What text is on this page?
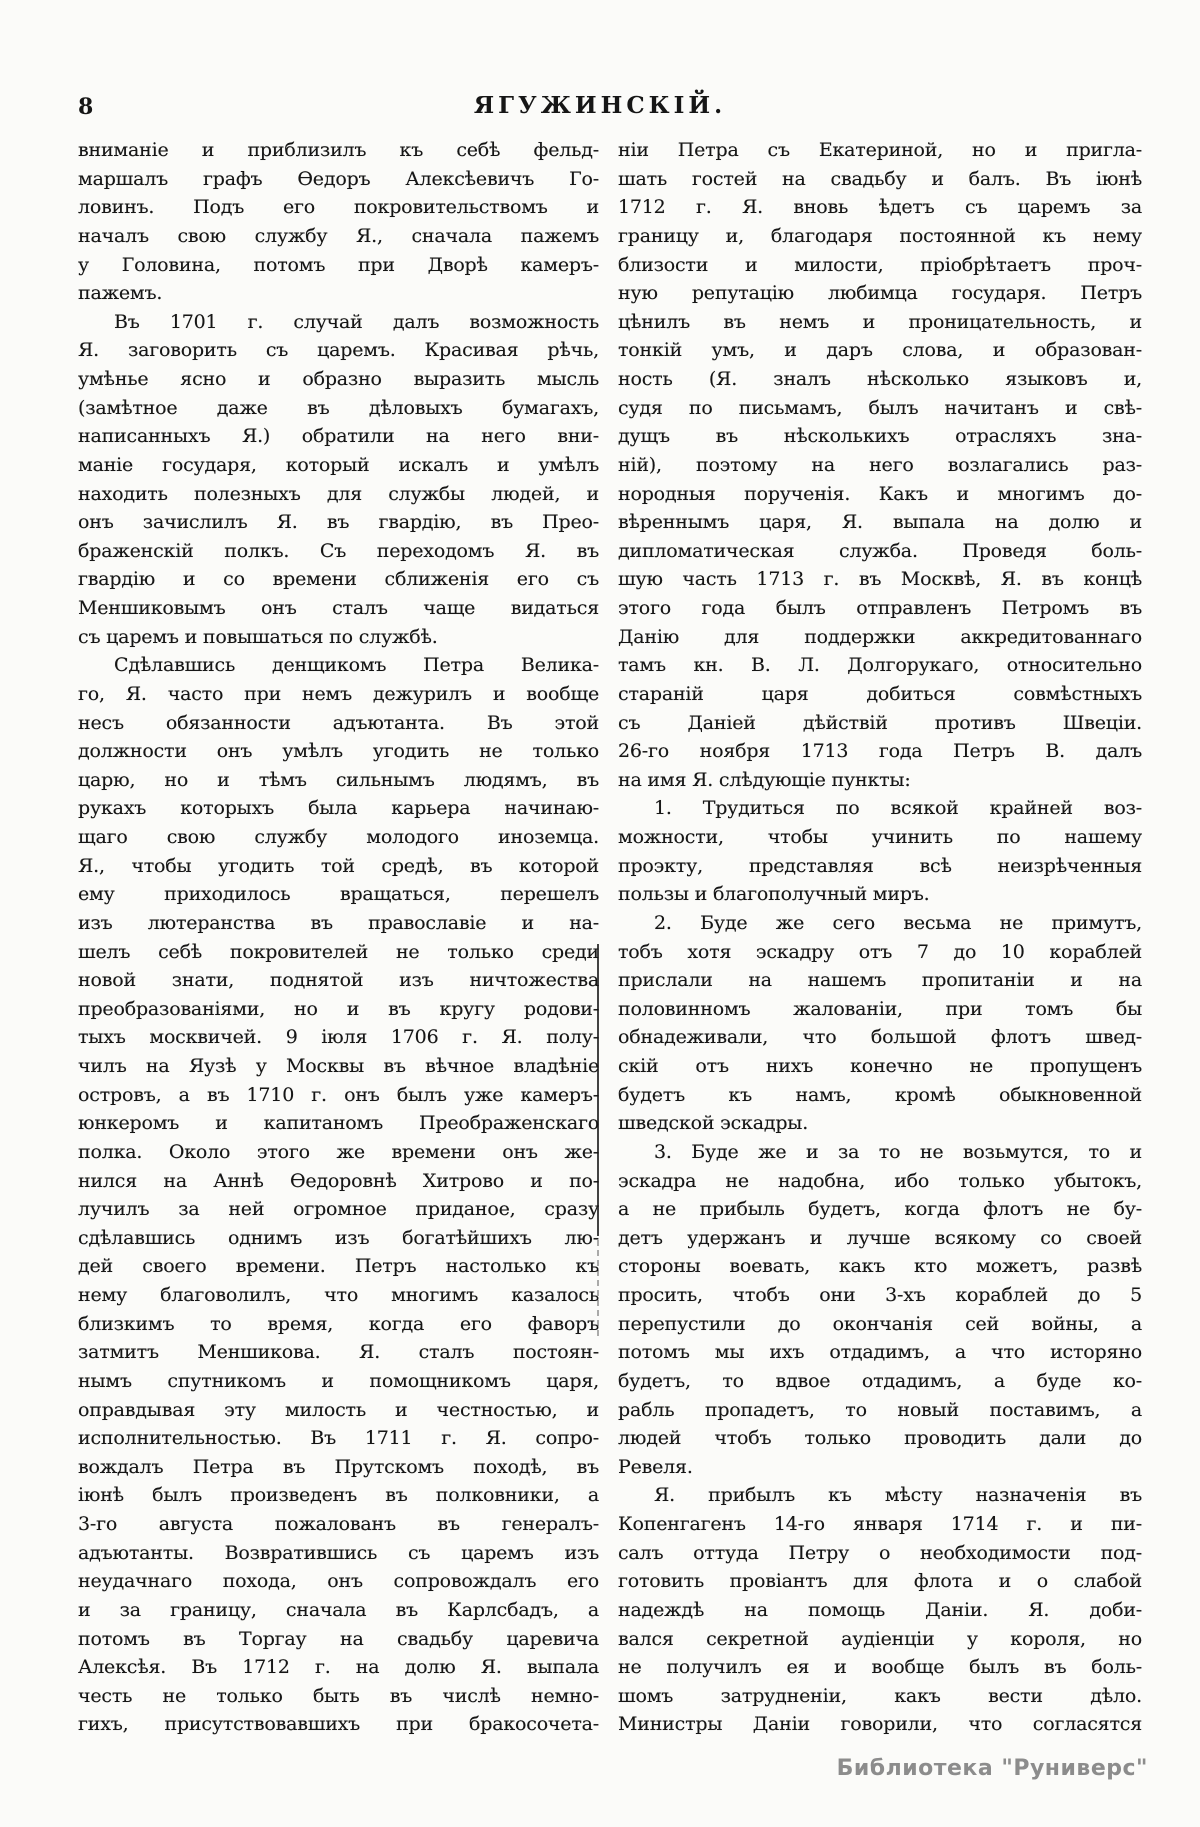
8	ЯГУЖИНСКІЙ.
вниманіе и приблизилъ къ себѣ фельд-
маршалъ графъ Ѳедоръ Алексѣевичъ Го-
ловинъ. Подъ его покровительствомъ и
началъ свою службу Я., сначала пажемъ
у Головина, потомъ при Дворѣ камеръ-
пажемъ.
Въ 1701 г. случай далъ возможность
Я. заговорить съ царемъ. Красивая рѣчь,
умѣнье ясно и образно выразить мысль
(замѣтное даже въ дѣловыхъ бумагахъ,
написанныхъ Я.) обратили на него вни-
маніе государя, который искалъ и умѣлъ
находить полезныхъ для службы людей, и
онъ зачислилъ Я. въ гвардію, въ Прео-
браженскій полкъ. Съ переходомъ Я. въ
гвардію и со времени сближенія его съ
Меншиковымъ онъ сталъ чаще видаться
съ царемъ и повышаться по службѣ.
Сдѣлавшись денщикомъ Петра Велика-
го, Я. часто при немъ дежурилъ и вообще
несъ обязанности адъютанта. Въ этой
должности онъ умѣлъ угодить не только
царю, но и тѣмъ сильнымъ людямъ, въ
рукахъ которыхъ была карьера начинаю-
щаго свою службу молодого иноземца.
Я., чтобы угодить той средѣ, въ которой
ему приходилось вращаться, перешелъ
изъ лютеранства въ православіе и на-
шелъ себѣ покровителей не только среди
новой знати, поднятой изъ ничтожества
преобразованіями, но и въ кругу родови-
тыхъ москвичей. 9 іюля 1706 г. Я. полу-
чилъ на Яузѣ у Москвы въ вѣчное владѣніе
островъ, а въ 1710 г. онъ былъ уже камеръ-
юнкеромъ и капитаномъ Преображенскаго
полка. Около этого же времени онъ же-
нился на Аннѣ Ѳедоровнѣ Хитрово и по-
лучилъ за ней огромное приданое, сразу
сдѣлавшись однимъ изъ богатѣйшихъ лю-
дей своего времени. Петръ настолько къ
нему благоволилъ, что многимъ казалось
близкимъ то время, когда его фаворъ
затмитъ Меншикова. Я. сталъ постоян-
нымъ спутникомъ и помощникомъ царя,
оправдывая эту милость и честностью, и
исполнительностью. Въ 1711 г. Я. сопро-
вождалъ Петра въ Прутскомъ походѣ, въ
іюнѣ былъ произведенъ въ полковники, а
3-го августа пожалованъ въ генералъ-
адъютанты. Возвратившись съ царемъ изъ
неудачнаго похода, онъ сопровождалъ его
и за границу, сначала въ Карлсбадъ, а
потомъ въ Торгау на свадьбу царевича
Алексѣя. Въ 1712 г. на долю Я. выпала
честь не только быть въ числѣ немно-
гихъ, присутствовавшихъ при бракосочета-
ніи Петра съ Екатериной, но и пригла-
шать гостей на свадьбу и балъ. Въ іюнѣ
1712 г. Я. вновь ѣдетъ съ царемъ за
границу и, благодаря постоянной къ нему
близости и милости, пріобрѣтаетъ проч-
ную репутацію любимца государя. Петръ
цѣнилъ въ немъ и проницательность, и
тонкій умъ, и даръ слова, и образован-
ность (Я. зналъ нѣсколько языковъ и,
судя по письмамъ, былъ начитанъ и свѣ-
дущъ въ нѣсколькихъ отрасляхъ зна-
ній), поэтому на него возлагались раз-
нородныя порученія. Какъ и многимъ до-
вѣреннымъ царя, Я. выпала на долю и
дипломатическая служба. Проведя боль-
шую часть 1713 г. въ Москвѣ, Я. въ концѣ
этого года былъ отправленъ Петромъ въ
Данію для поддержки аккредитованнаго
тамъ кн. В. Л. Долгорукаго, относительно
стараній царя добиться совмѣстныхъ
съ Даніей дѣйствій противъ Швеціи.
26-го ноября 1713 года Петръ В. далъ
на имя Я. слѣдующіе пункты:
1. Трудиться по всякой крайней воз-
можности, чтобы учинить по нашему
проэкту, представляя всѣ неизрѣченныя
пользы и благополучный миръ.
2. Буде же сего весьма не примутъ,
тобъ хотя эскадру отъ 7 до 10 кораблей
прислали на нашемъ пропитаніи и на
половинномъ жалованіи, при томъ бы
обнадеживали, что большой флотъ швед-
скій отъ нихъ конечно не пропущенъ
будетъ къ намъ, кромѣ обыкновенной
шведской эскадры.
3. Буде же и за то не возьмутся, то и
эскадра не надобна, ибо только убытокъ,
а не прибыль будетъ, когда флотъ не бу-
детъ удержанъ и лучше всякому со своей
стороны воевать, какъ кто можетъ, развѣ
просить, чтобъ они 3-хъ кораблей до 5
перепустили до окончанія сей войны, а
потомъ мы ихъ отдадимъ, а что исторяно
будетъ, то вдвое отдадимъ, а буде ко-
рабль пропадетъ, то новый поставимъ, а
людей чтобъ только проводить дали до
Ревеля.
Я. прибылъ къ мѣсту назначенія въ
Копенгагенъ 14-го января 1714 г. и пи-
салъ оттуда Петру о необходимости под-
готовить провіантъ для флота и о слабой
надеждѣ на помощь Даніи. Я. доби-
вался секретной аудіенціи у короля, но
не получилъ ея и вообще былъ въ боль-
шомъ затрудненіи, какъ вести дѣло.
Министры Даніи говорили, что согласятся
Библиотека "Руниверс"
